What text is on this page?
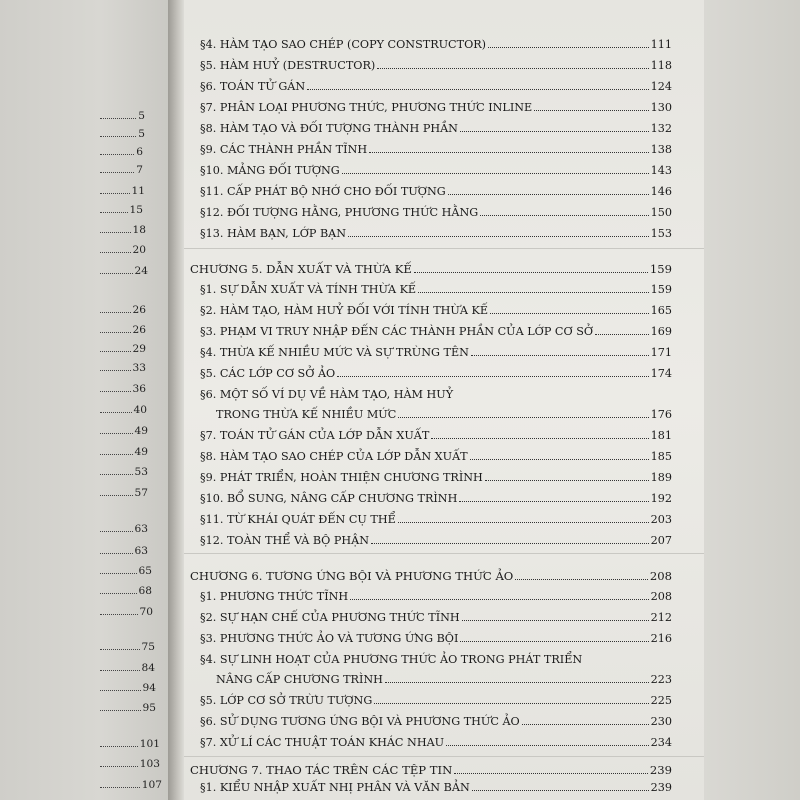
5
5
6
7
11
15
18
20
24
26
26
29
33
36
40
49
49
53
57
63
63
65
68
70
75
84
94
95
101
103
107
§4. HÀM TẠO SAO CHÉP (COPY CONSTRUCTOR)	111
§5. HÀM HUỶ (DESTRUCTOR)	118
§6. TOÁN TỬ GÁN	124
§7. PHÂN LOẠI PHƯƠNG THỨC, PHƯƠNG THỨC INLINE	130
§8. HÀM TẠO VÀ ĐỐI TƯỢNG THÀNH PHẦN	132
§9. CÁC THÀNH PHẦN TĨNH	138
§10. MẢNG ĐỐI TƯỢNG	143
§11. CẤP PHÁT BỘ NHỚ CHO ĐỐI TƯỢNG	146
§12. ĐỐI TƯỢNG HẰNG, PHƯƠNG THỨC HẰNG	150
§13. HÀM BẠN, LỚP BẠN	153
CHƯƠNG 5. DẪN XUẤT VÀ THỪA KẾ	159
§1. SỰ DẪN XUẤT VÀ TÍNH THỪA KẾ	159
§2. HÀM TẠO, HÀM HUỶ ĐỐI VỚI TÍNH THỪA KẾ	165
§3. PHẠM VI TRUY NHẬP ĐẾN CÁC THÀNH PHẦN CỦA LỚP CƠ SỞ	169
§4. THỪA KẾ NHIỀU MỨC VÀ SỰ TRÙNG TÊN	171
§5. CÁC LỚP CƠ SỞ ẢO	174
§6. MỘT SỐ VÍ DỤ VỀ HÀM TẠO, HÀM HUỶ
TRONG THỪA KẾ NHIỀU MỨC	176
§7. TOÁN TỬ GÁN CỦA LỚP DẪN XUẤT	181
§8. HÀM TẠO SAO CHÉP CỦA LỚP DẪN XUẤT	185
§9. PHÁT TRIỂN, HOÀN THIỆN CHƯƠNG TRÌNH	189
§10. BỔ SUNG, NÂNG CẤP CHƯƠNG TRÌNH	192
§11. TỪ KHÁI QUÁT ĐẾN CỤ THỂ	203
§12. TOÀN THỂ VÀ BỘ PHẬN	207
CHƯƠNG 6. TƯƠNG ỨNG BỘI VÀ PHƯƠNG THỨC ẢO	208
§1. PHƯƠNG THỨC TĨNH	208
§2. SỰ HẠN CHẾ CỦA PHƯƠNG THỨC TĨNH	212
§3. PHƯƠNG THỨC ẢO VÀ TƯƠNG ỨNG BỘI	216
§4. SỰ LINH HOẠT CỦA PHƯƠNG THỨC ẢO TRONG PHÁT TRIỂN
NÂNG CẤP CHƯƠNG TRÌNH	223
§5. LỚP CƠ SỞ TRỪU TƯỢNG	225
§6. SỬ DỤNG TƯƠNG ỨNG BỘI VÀ PHƯƠNG THỨC ẢO	230
§7. XỬ LÍ CÁC THUẬT TOÁN KHÁC NHAU	234
CHƯƠNG 7. THAO TÁC TRÊN CÁC TỆP TIN	239
§1. KIỂU NHẬP XUẤT NHỊ PHÂN VÀ VĂN BẢN	239
